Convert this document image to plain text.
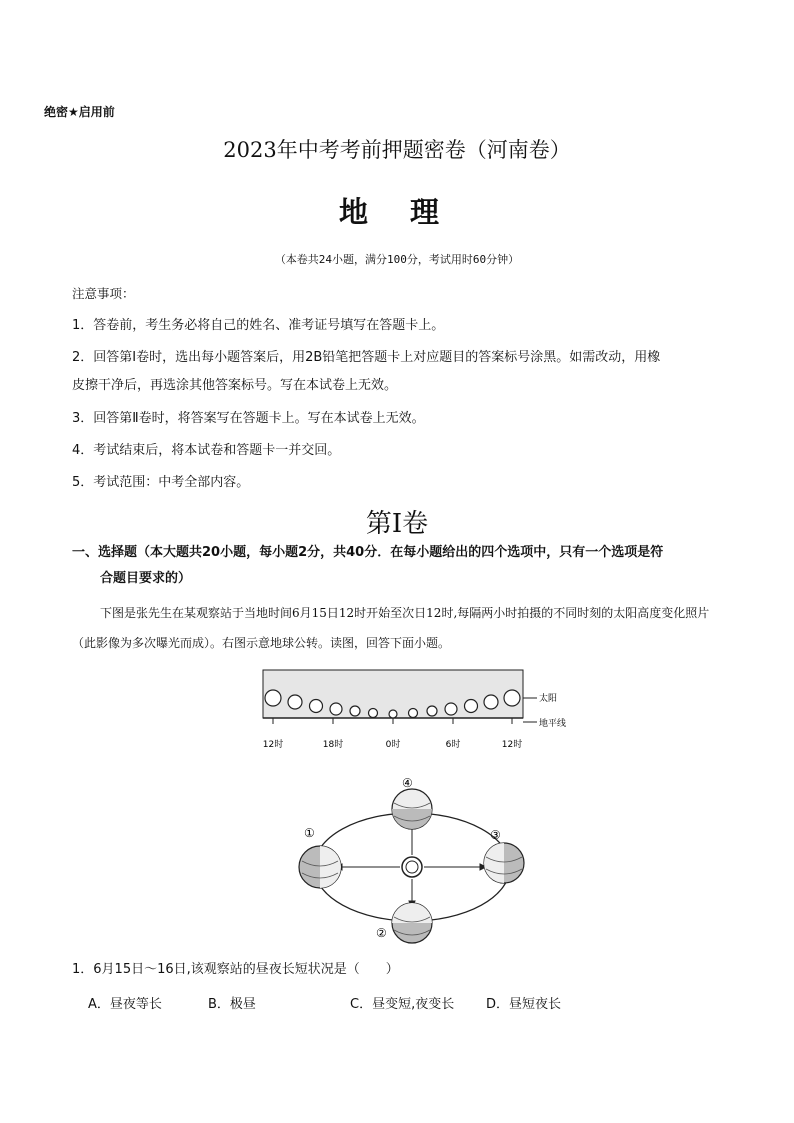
绝密★启用前
2023年中考考前押题密卷（河南卷）
地 理
（本卷共24小题，满分100分，考试用时60分钟）
注意事项：
1．答卷前，考生务必将自己的姓名、准考证号填写在答题卡上。
2．回答第Ⅰ卷时，选出每小题答案后，用2B铅笔把答题卡上对应题目的答案标号涂黑。如需改动，用橡
皮擦干净后，再选涂其他答案标号。写在本试卷上无效。
3．回答第Ⅱ卷时，将答案写在答题卡上。写在本试卷上无效。
4．考试结束后，将本试卷和答题卡一并交回。
5．考试范围：中考全部内容。
第Ⅰ卷
一、选择题（本大题共20小题，每小题2分，共40分．在每小题给出的四个选项中，只有一个选项是符
合题目要求的）
下图是张先生在某观察站于当地时间6月15日12时开始至次日12时,每隔两小时拍摄的不同时刻的太阳高度变化照片（此影像为多次曝光而成）。右图示意地球公转。读图，回答下面小题。
太阳
地平线
12时	18时	0时	6时	12时
①
②
③
④
1．6月15日～16日,该观察站的昼夜长短状况是（　　）
A．昼夜等长	B．极昼	C．昼变短,夜变长 D．昼短夜长
